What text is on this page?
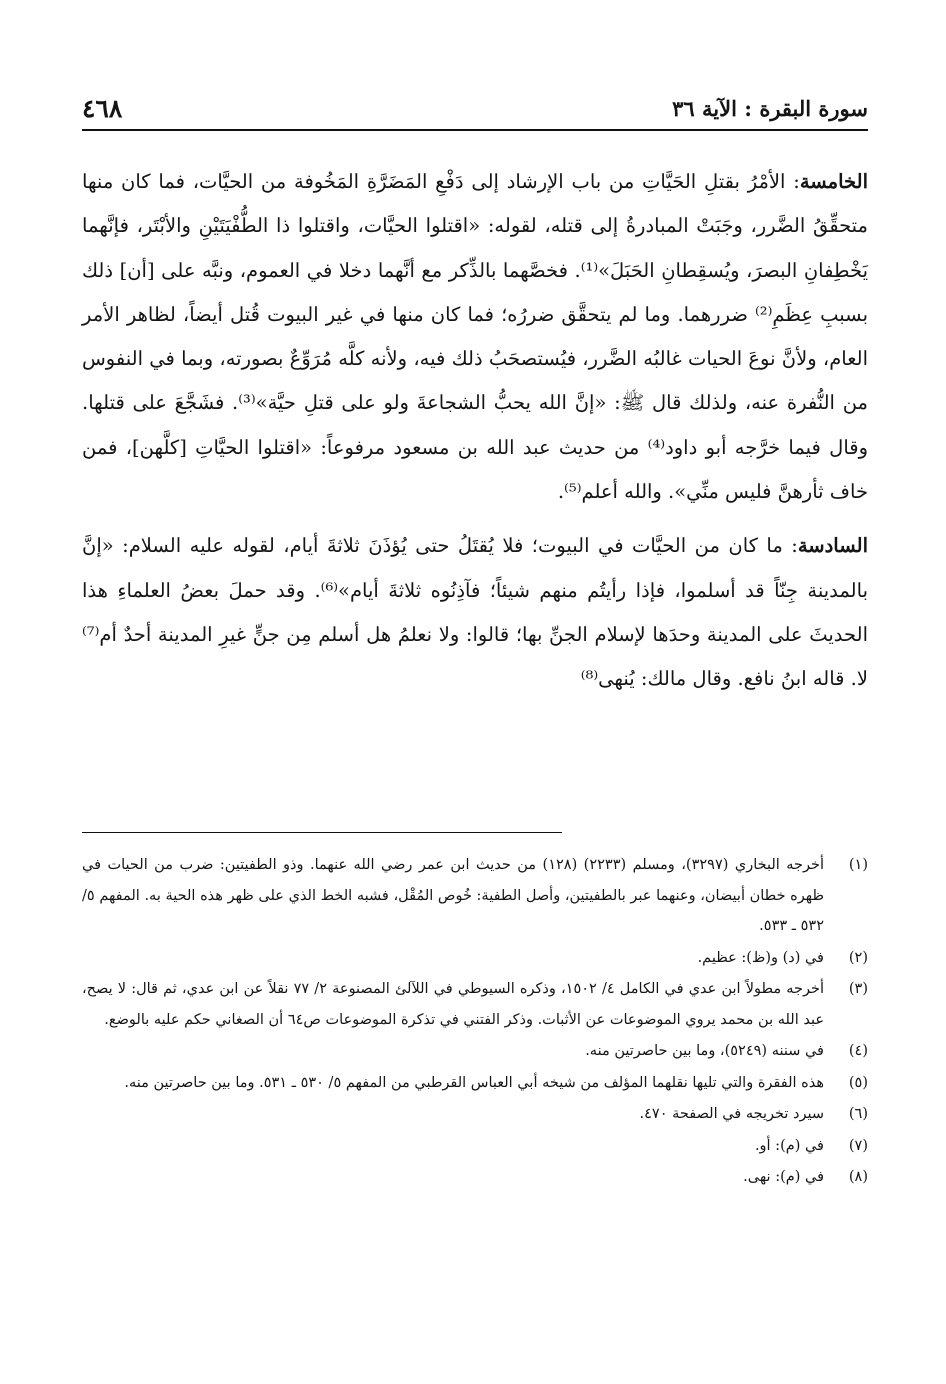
سورة البقرة : الآية ٣٦
٤٦٨

الخامسة: الأمْرُ بقتلِ الحَيَّاتِ من باب الإرشاد إلى دَفْعِ المَضَرَّةِ المَخُوفة من الحيَّات، فما كان منها متحقِّقُ الضَّرر، وجَبَتْ المبادرةُ إلى قتله، لقوله: «اقتلوا الحيَّات، واقتلوا ذا الطُّفْيَتَيْنِ والأبْتَر، فإنَّهما يَخْطِفانِ البصرَ، ويُسقِطانِ الحَبَلَ»⁽¹⁾. فخصَّهما بالذِّكر مع أنَّهما دخلا في العموم، ونبَّه على [أن] ذلك بسببِ عِظَمِ⁽²⁾ ضررهما. وما لم يتحقَّق ضررُه؛ فما كان منها في غير البيوت قُتل أيضاً، لظاهر الأمر العام، ولأنَّ نوعَ الحيات غالبُه الضَّرر، فيُستصحَبُ ذلك فيه، ولأنه كلَّه مُرَوِّعٌ بصورته، وبما في النفوس من النُّفرة عنه، ولذلك قال ﷺ: «إنَّ الله يحبُّ الشجاعةَ ولو على قتلِ حيَّة»⁽³⁾. فشَجَّعَ على قتلها. وقال فيما خرَّجه أبو داود⁽⁴⁾ من حديث عبد الله بن مسعود مرفوعاً: «اقتلوا الحيَّاتِ [كلَّهن]، فمن خاف ثأرهنَّ فليس منِّي». والله أعلم⁽⁵⁾.

السادسة: ما كان من الحيَّات في البيوت؛ فلا يُقتَلُ حتى يُؤذَنَ ثلاثةَ أيام، لقوله عليه السلام: «إنَّ بالمدينة جِنّاً قد أسلموا، فإذا رأيتُم منهم شيئاً؛ فآذِنُوه ثلاثةَ أيام»⁽⁶⁾. وقد حملَ بعضُ العلماءِ هذا الحديثَ على المدينة وحدَها لإسلام الجنِّ بها؛ قالوا: ولا نعلمُ هل أسلم مِن جنٍّ غيرِ المدينة أحدٌ أم⁽⁷⁾ لا. قاله ابنُ نافع. وقال مالك: يُنهى⁽⁸⁾

(١)
أخرجه البخاري (٣٢٩٧)، ومسلم (٢٢٣٣) (١٢٨) من حديث ابن عمر رضي الله عنهما. وذو الطفيتين: ضرب من الحيات في ظهره خطان أبيضان، وعنهما عبر بالطفيتين، وأصل الطفية: خُوص المُقْل، فشبه الخط الذي على ظهر هذه الحية به. المفهم ٥/ ٥٣٢ ـ ٥٣٣.
(٢)
في (د) و(ظ): عظيم.
(٣)
أخرجه مطولاً ابن عدي في الكامل ٤/ ١٥٠٢، وذكره السيوطي في اللآلئ المصنوعة ٢/ ٧٧ نقلاً عن ابن عدي، ثم قال: لا يصح، عبد الله بن محمد يروي الموضوعات عن الأثبات. وذكر الفتني في تذكرة الموضوعات ص٦٤ أن الصغاني حكم عليه بالوضع.
(٤)
في سننه (٥٢٤٩)، وما بين حاصرتين منه.
(٥)
هذه الفقرة والتي تليها نقلهما المؤلف من شيخه أبي العباس القرطبي من المفهم ٥/ ٥٣٠ ـ ٥٣١. وما بين حاصرتين منه.
(٦)
سيرد تخريجه في الصفحة ٤٧٠.
(٧)
في (م): أو.
(٨)
في (م): نهى.
